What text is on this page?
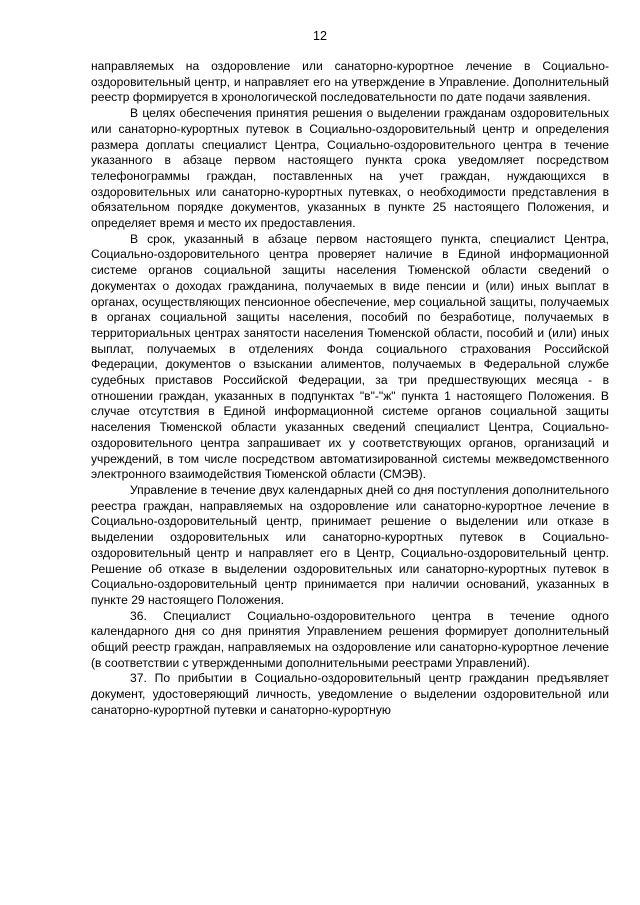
12

направляемых на оздоровление или санаторно-курортное лечение в Социально-оздоровительный центр, и направляет его на утверждение в Управление. Дополнительный реестр формируется в хронологической последовательности по дате подачи заявления.

В целях обеспечения принятия решения о выделении гражданам оздоровительных или санаторно-курортных путевок в Социально-оздоровительный центр и определения размера доплаты специалист Центра, Социально-оздоровительного центра в течение указанного в абзаце первом настоящего пункта срока уведомляет посредством телефонограммы граждан, поставленных на учет граждан, нуждающихся в оздоровительных или санаторно-курортных путевках, о необходимости представления в обязательном порядке документов, указанных в пункте 25 настоящего Положения, и определяет время и место их предоставления.

В срок, указанный в абзаце первом настоящего пункта, специалист Центра, Социально-оздоровительного центра проверяет наличие в Единой информационной системе органов социальной защиты населения Тюменской области сведений о документах о доходах гражданина, получаемых в виде пенсии и (или) иных выплат в органах, осуществляющих пенсионное обеспечение, мер социальной защиты, получаемых в органах социальной защиты населения, пособий по безработице, получаемых в территориальных центрах занятости населения Тюменской области, пособий и (или) иных выплат, получаемых в отделениях Фонда социального страхования Российской Федерации, документов о взыскании алиментов, получаемых в Федеральной службе судебных приставов Российской Федерации, за три предшествующих месяца - в отношении граждан, указанных в подпунктах "в"-"ж" пункта 1 настоящего Положения. В случае отсутствия в Единой информационной системе органов социальной защиты населения Тюменской области указанных сведений специалист Центра, Социально-оздоровительного центра запрашивает их у соответствующих органов, организаций и учреждений, в том числе посредством автоматизированной системы межведомственного электронного взаимодействия Тюменской области (СМЭВ).

Управление в течение двух календарных дней со дня поступления дополнительного реестра граждан, направляемых на оздоровление или санаторно-курортное лечение в Социально-оздоровительный центр, принимает решение о выделении или отказе в выделении оздоровительных или санаторно-курортных путевок в Социально-оздоровительный центр и направляет его в Центр, Социально-оздоровительный центр. Решение об отказе в выделении оздоровительных или санаторно-курортных путевок в Социально-оздоровительный центр принимается при наличии оснований, указанных в пункте 29 настоящего Положения.

36. Специалист Социально-оздоровительного центра в течение одного календарного дня со дня принятия Управлением решения формирует дополнительный общий реестр граждан, направляемых на оздоровление или санаторно-курортное лечение (в соответствии с утвержденными дополнительными реестрами Управлений).

37. По прибытии в Социально-оздоровительный центр гражданин предъявляет документ, удостоверяющий личность, уведомление о выделении оздоровительной или санаторно-курортной путевки и санаторно-курортную
